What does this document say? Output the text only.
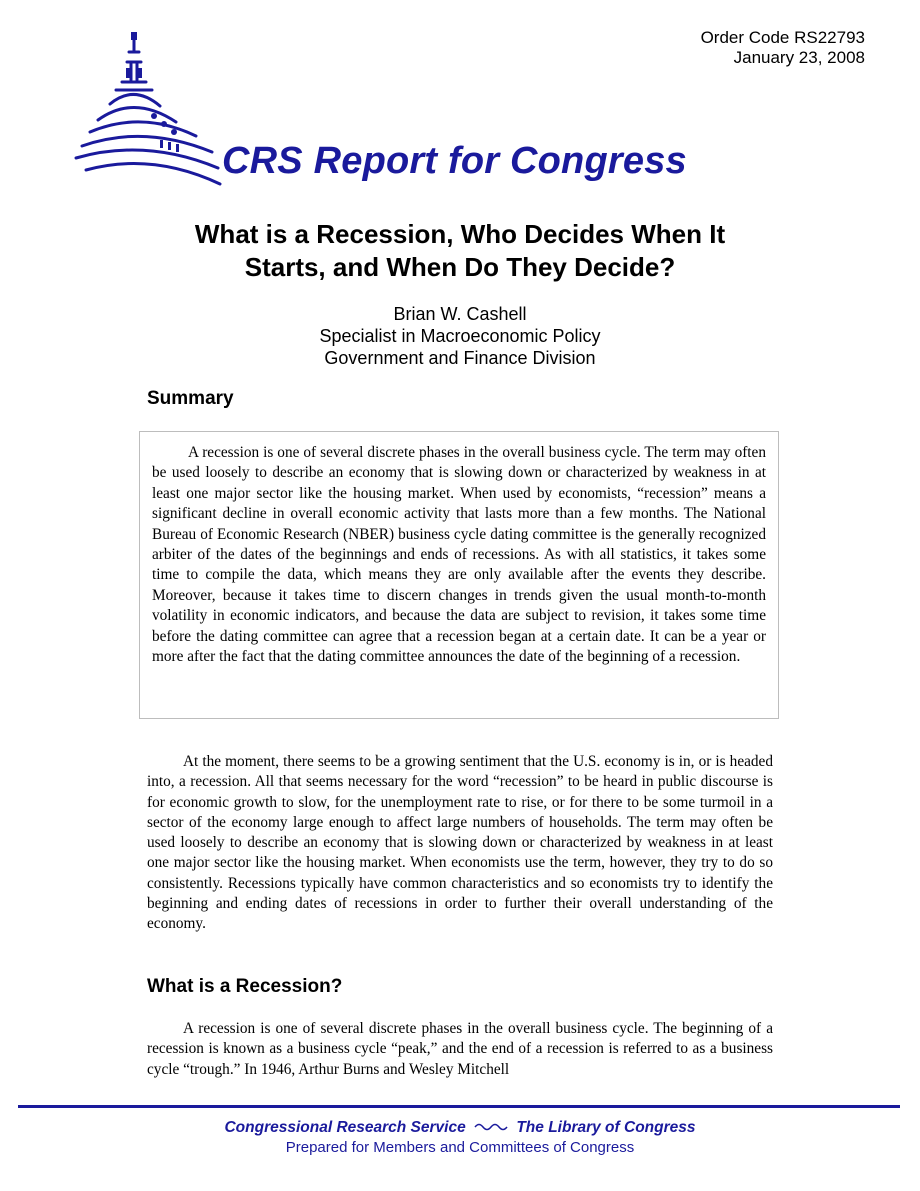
Order Code RS22793
January 23, 2008
CRS Report for Congress
What is a Recession, Who Decides When It
Starts, and When Do They Decide?
Brian W. Cashell
Specialist in Macroeconomic Policy
Government and Finance Division
Summary

A recession is one of several discrete phases in the overall business cycle. The term may often be used loosely to describe an economy that is slowing down or characterized by weakness in at least one major sector like the housing market. When used by economists, “recession” means a significant decline in overall economic activity that lasts more than a few months. The National Bureau of Economic Research (NBER) business cycle dating committee is the generally recognized arbiter of the dates of the beginnings and ends of recessions. As with all statistics, it takes some time to compile the data, which means they are only available after the events they describe. Moreover, because it takes time to discern changes in trends given the usual month-to-month volatility in economic indicators, and because the data are subject to revision, it takes some time before the dating committee can agree that a recession began at a certain date. It can be a year or more after the fact that the dating committee announces the date of the beginning of a recession.

At the moment, there seems to be a growing sentiment that the U.S. economy is in, or is headed into, a recession. All that seems necessary for the word “recession” to be heard in public discourse is for economic growth to slow, for the unemployment rate to rise, or for there to be some turmoil in a sector of the economy large enough to affect large numbers of households. The term may often be used loosely to describe an economy that is slowing down or characterized by weakness in at least one major sector like the housing market. When economists use the term, however, they try to do so consistently. Recessions typically have common characteristics and so economists try to identify the beginning and ending dates of recessions in order to further their overall understanding of the economy.

What is a Recession?

A recession is one of several discrete phases in the overall business cycle. The beginning of a recession is known as a business cycle “peak,” and the end of a recession is referred to as a business cycle “trough.” In 1946, Arthur Burns and Wesley Mitchell

Congressional Research Service	The Library of Congress
Prepared for Members and Committees of Congress
